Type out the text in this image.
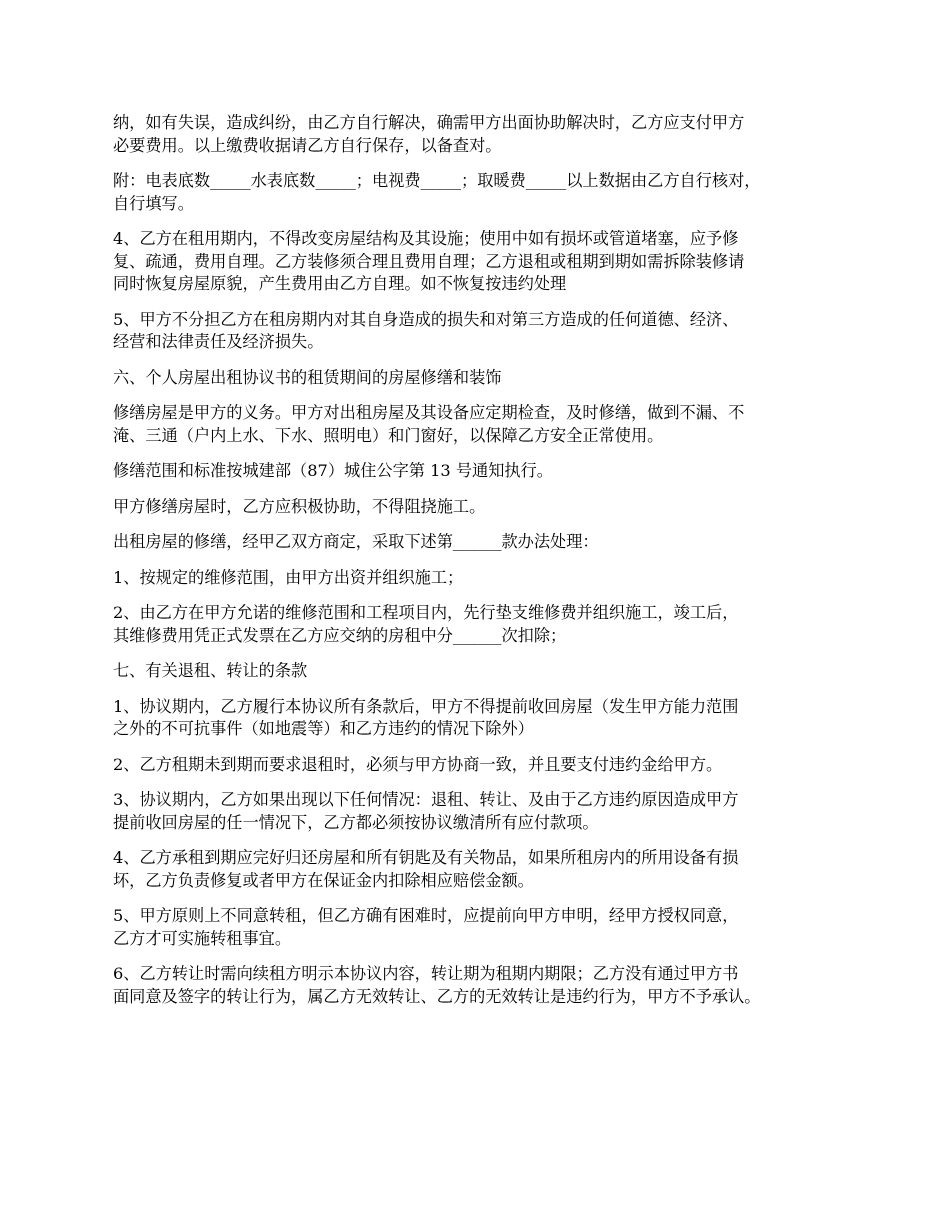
纳，如有失误，造成纠纷，由乙方自行解决，确需甲方出面协助解决时，乙方应支付甲方
必要费用。以上缴费收据请乙方自行保存，以备查对。

附：电表底数_____水表底数_____；电视费_____；取暖费_____以上数据由乙方自行核对，
自行填写。

4、乙方在租用期内，不得改变房屋结构及其设施；使用中如有损坏或管道堵塞，应予修
复、疏通，费用自理。乙方装修须合理且费用自理；乙方退租或租期到期如需拆除装修请
同时恢复房屋原貌，产生费用由乙方自理。如不恢复按违约处理

5、甲方不分担乙方在租房期内对其自身造成的损失和对第三方造成的任何道德、经济、
经营和法律责任及经济损失。

六、个人房屋出租协议书的租赁期间的房屋修缮和装饰

修缮房屋是甲方的义务。甲方对出租房屋及其设备应定期检查，及时修缮，做到不漏、不
淹、三通（户内上水、下水、照明电）和门窗好，以保障乙方安全正常使用。

修缮范围和标准按城建部（87）城住公字第 13 号通知执行。

甲方修缮房屋时，乙方应积极协助，不得阻挠施工。

出租房屋的修缮，经甲乙双方商定，采取下述第______款办法处理：

1、按规定的维修范围，由甲方出资并组织施工；

2、由乙方在甲方允诺的维修范围和工程项目内，先行垫支维修费并组织施工，竣工后，
其维修费用凭正式发票在乙方应交纳的房租中分______次扣除；

七、有关退租、转让的条款

1、协议期内，乙方履行本协议所有条款后，甲方不得提前收回房屋（发生甲方能力范围
之外的不可抗事件（如地震等）和乙方违约的情况下除外）

2、乙方租期未到期而要求退租时，必须与甲方协商一致，并且要支付违约金给甲方。

3、协议期内，乙方如果出现以下任何情况：退租、转让、及由于乙方违约原因造成甲方
提前收回房屋的任一情况下，乙方都必须按协议缴清所有应付款项。

4、乙方承租到期应完好归还房屋和所有钥匙及有关物品，如果所租房内的所用设备有损
坏，乙方负责修复或者甲方在保证金内扣除相应赔偿金额。

5、甲方原则上不同意转租，但乙方确有困难时，应提前向甲方申明，经甲方授权同意，
乙方才可实施转租事宜。

6、乙方转让时需向续租方明示本协议内容，转让期为租期内期限；乙方没有通过甲方书
面同意及签字的转让行为，属乙方无效转让、乙方的无效转让是违约行为，甲方不予承认。
